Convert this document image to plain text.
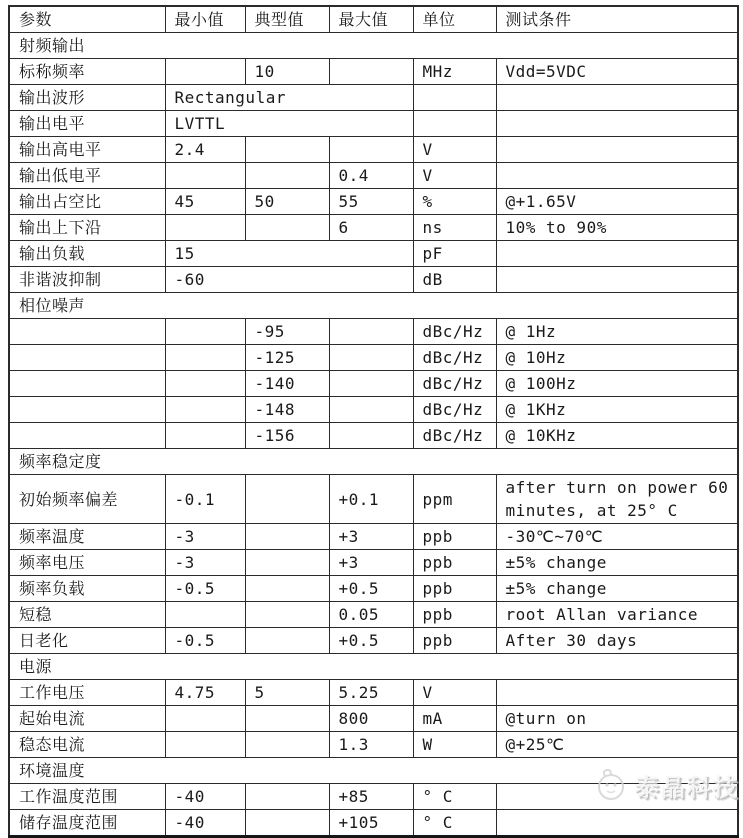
参数	最小值	典型值	最大值	单位	测试条件
射频输出					
标称频率		10		MHz	Vdd=5VDC
输出波形	Rectangular				
输出电平	LVTTL				
输出高电平	2.4			V	
输出低电平			0.4	V	
输出占空比	45	50	55	%	@+1.65V
输出上下沿			6	ns	10% to 90%
输出负载	15			pF	
非谐波抑制	-60			dB	
相位噪声					
		-95		dBc/Hz	@ 1Hz
		-125		dBc/Hz	@ 10Hz
		-140		dBc/Hz	@ 100Hz
		-148		dBc/Hz	@ 1KHz
		-156		dBc/Hz	@ 10KHz
频率稳定度					
初始频率偏差	-0.1		+0.1	ppm	after turn on power 60 minutes, at 25° C
频率温度	-3		+3	ppb	-30℃~70℃
频率电压	-3		+3	ppb	±5% change
频率负载	-0.5		+0.5	ppb	±5% change
短稳			0.05	ppb	root Allan variance
日老化	-0.5		+0.5	ppb	After 30 days
电源					
工作电压	4.75	5	5.25	V	
起始电流			800	mA	@turn on
稳态电流			1.3	W	@+25℃
环境温度					
工作温度范围	-40		+85	° C	
储存温度范围	-40		+105	° C	
泰晶科技
